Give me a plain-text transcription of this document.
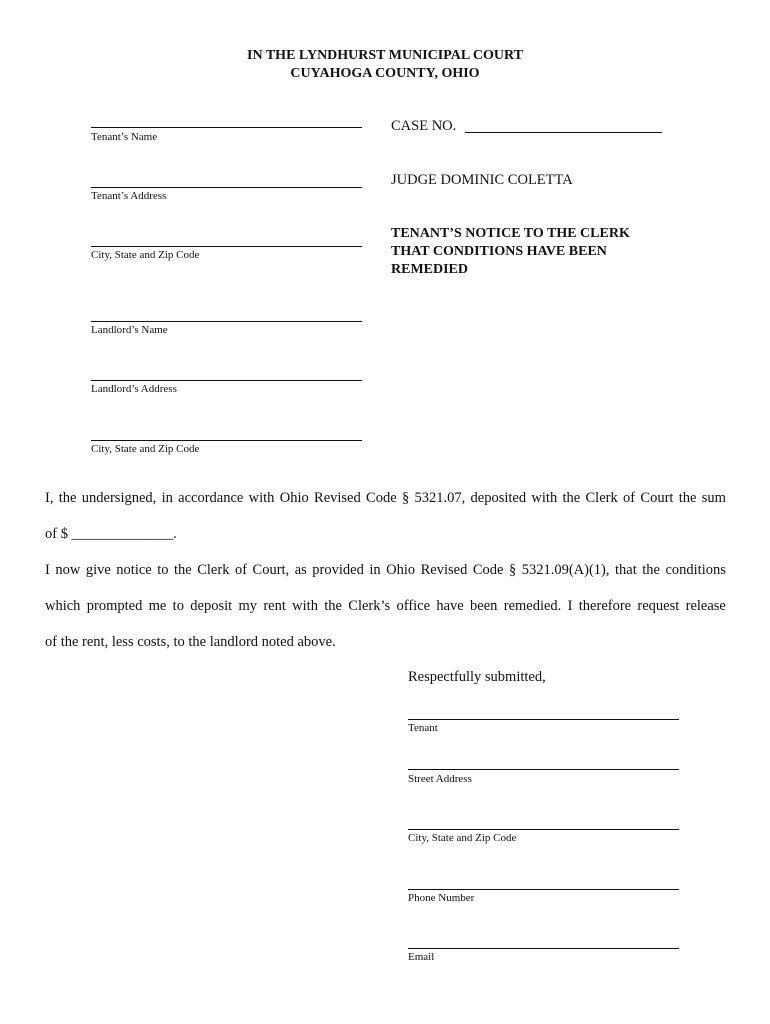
IN THE LYNDHURST MUNICIPAL COURT
CUYAHOGA COUNTY, OHIO
Tenant’s Name
Tenant’s Address
City, State and Zip Code
Landlord’s Name
Landlord’s Address
City, State and Zip Code
CASE NO.
JUDGE DOMINIC COLETTA
TENANT’S NOTICE TO THE CLERK
THAT CONDITIONS HAVE BEEN
REMEDIED
I, the undersigned, in accordance with Ohio Revised Code § 5321.07, deposited with the Clerk of Court the sum
of $ ______________.
I now give notice to the Clerk of Court, as provided in Ohio Revised Code § 5321.09(A)(1), that the conditions
which prompted me to deposit my rent with the Clerk’s office have been remedied. I therefore request release
of the rent, less costs, to the landlord noted above.
Respectfully submitted,
Tenant
Street Address
City, State and Zip Code
Phone Number
Email
